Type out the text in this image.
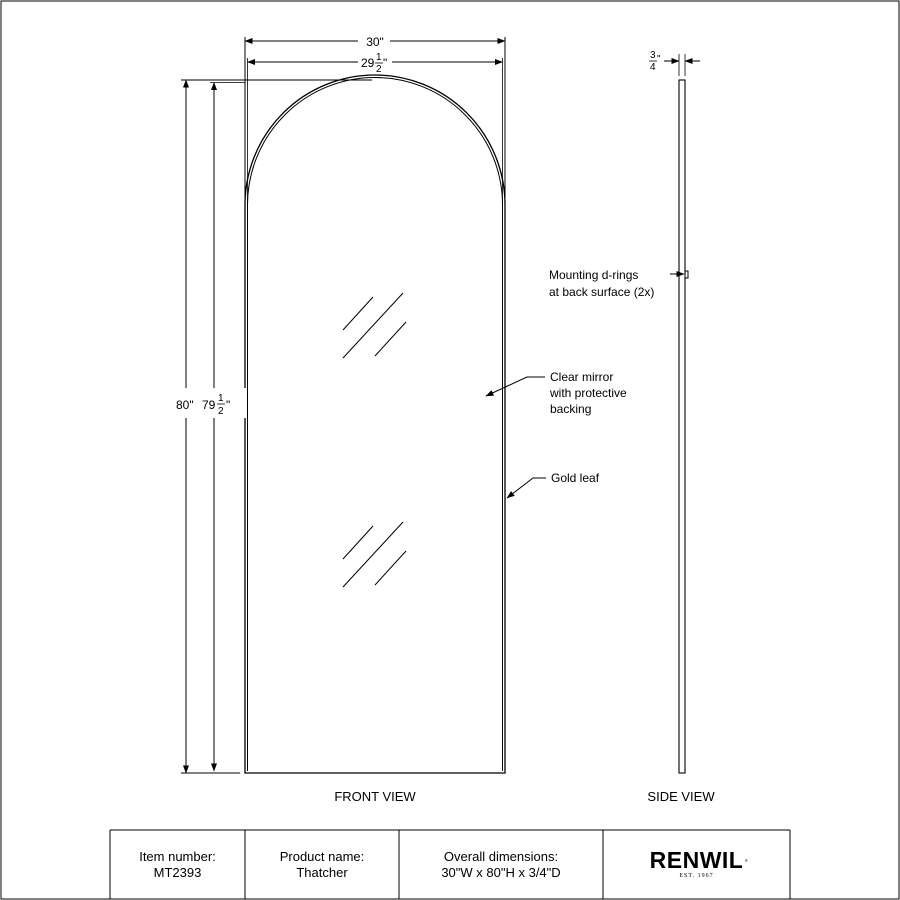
30"
29 1 2 "
80" 79 1 2 "
3 4 "
Mounting d-rings
at back surface (2x)
Clear mirror
with protective
backing
Gold leaf
FRONT VIEW	SIDE VIEW
Item number:
MT2393
Product name:
Thatcher
Overall dimensions:
30"W x 80"H x 3/4"D	RENWIL ®
EST. 1967
